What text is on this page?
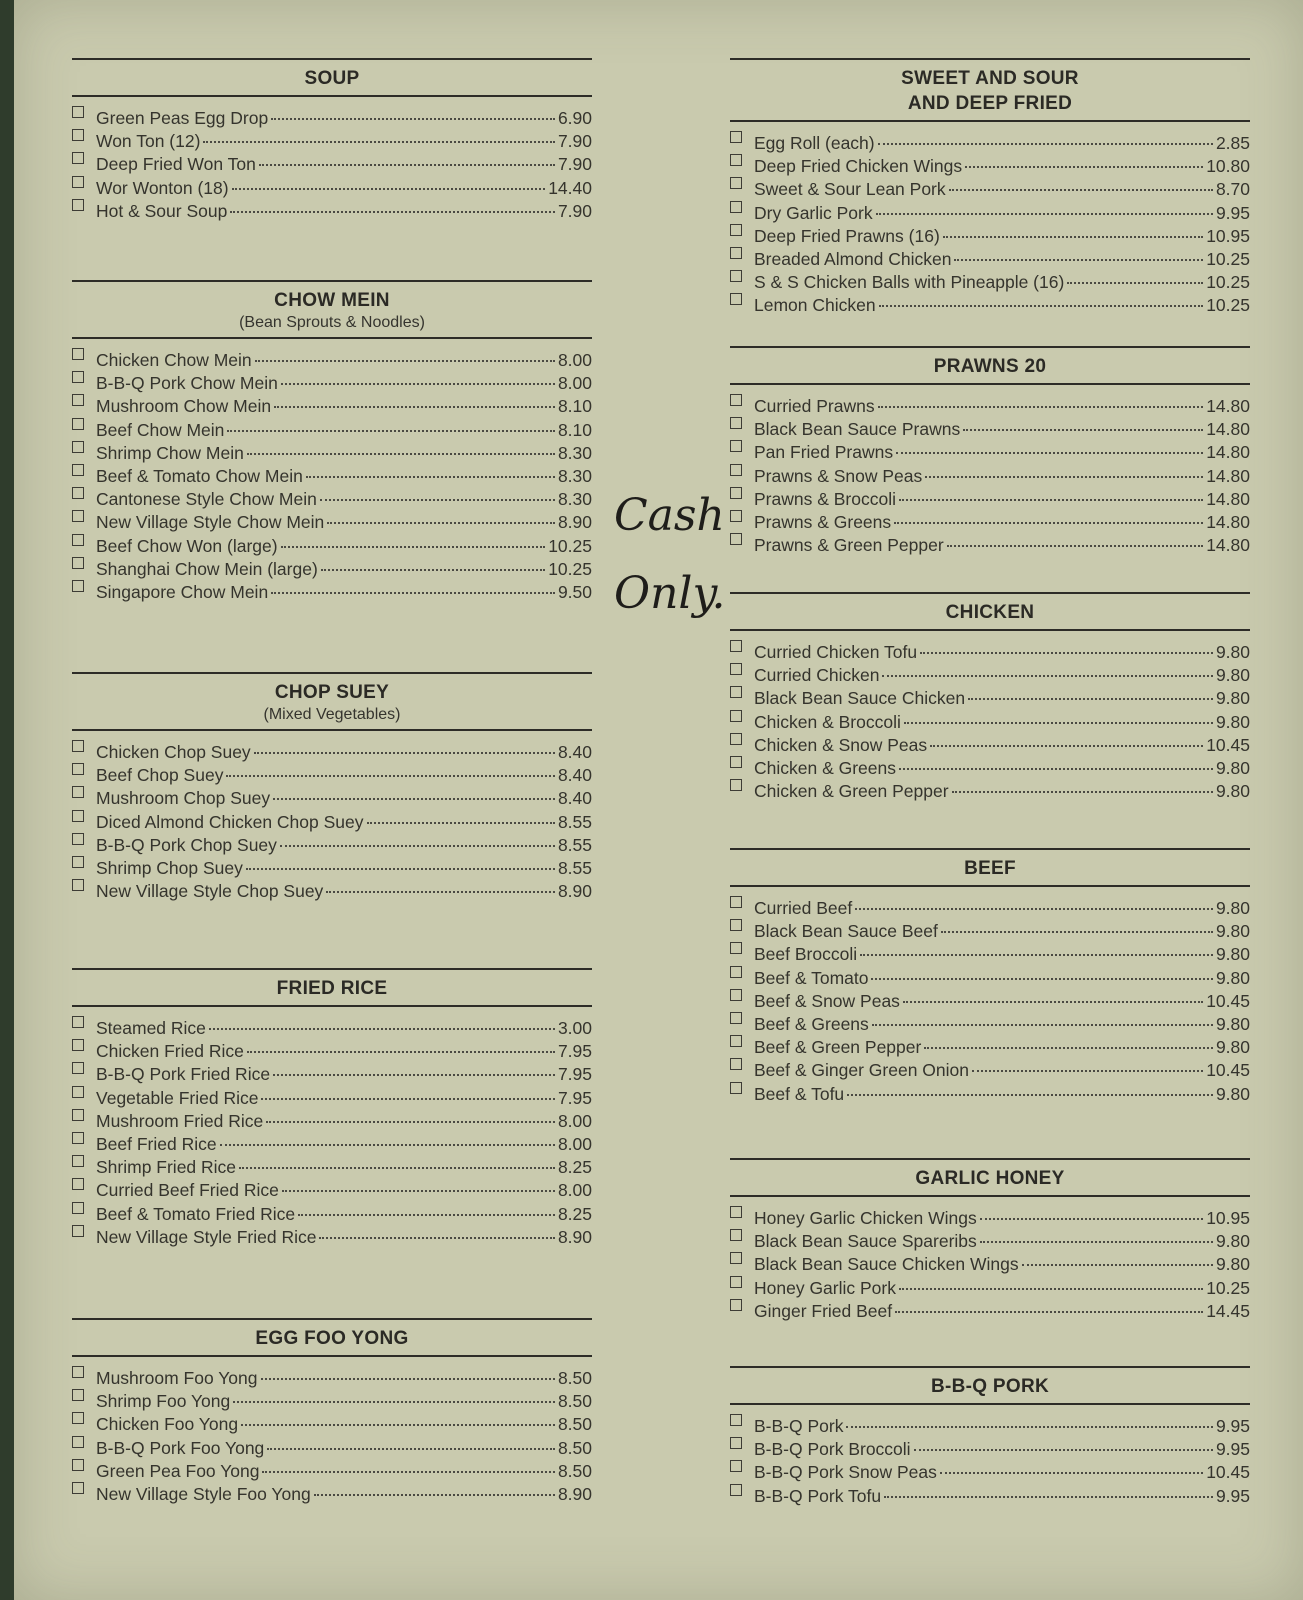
SOUP
Green Peas Egg Drop	6.90
Won Ton (12)	7.90
Deep Fried Won Ton	7.90
Wor Wonton (18)	14.40
Hot & Sour Soup	7.90
CHOW MEIN
(Bean Sprouts & Noodles)
Chicken Chow Mein	8.00
B-B-Q Pork Chow Mein	8.00
Mushroom Chow Mein	8.10
Beef Chow Mein	8.10
Shrimp Chow Mein	8.30
Beef & Tomato Chow Mein	8.30
Cantonese Style Chow Mein	8.30
New Village Style Chow Mein	8.90
Beef Chow Won (large)	10.25
Shanghai Chow Mein (large)	10.25
Singapore Chow Mein	9.50
CHOP SUEY
(Mixed Vegetables)
Chicken Chop Suey	8.40
Beef Chop Suey	8.40
Mushroom Chop Suey	8.40
Diced Almond Chicken Chop Suey	8.55
B-B-Q Pork Chop Suey	8.55
Shrimp Chop Suey	8.55
New Village Style Chop Suey	8.90
FRIED RICE
Steamed Rice	3.00
Chicken Fried Rice	7.95
B-B-Q Pork Fried Rice	7.95
Vegetable Fried Rice	7.95
Mushroom Fried Rice	8.00
Beef Fried Rice	8.00
Shrimp Fried Rice	8.25
Curried Beef Fried Rice	8.00
Beef & Tomato Fried Rice	8.25
New Village Style Fried Rice	8.90
EGG FOO YONG
Mushroom Foo Yong	8.50
Shrimp Foo Yong	8.50
Chicken Foo Yong	8.50
B-B-Q Pork Foo Yong	8.50
Green Pea Foo Yong	8.50
New Village Style Foo Yong	8.90
SWEET AND SOUR
AND DEEP FRIED
Egg Roll (each)	2.85
Deep Fried Chicken Wings	10.80
Sweet & Sour Lean Pork	8.70
Dry Garlic Pork	9.95
Deep Fried Prawns (16)	10.95
Breaded Almond Chicken	10.25
S & S Chicken Balls with Pineapple (16)	10.25
Lemon Chicken	10.25
PRAWNS 20
Curried Prawns	14.80
Black Bean Sauce Prawns	14.80
Pan Fried Prawns	14.80
Prawns & Snow Peas	14.80
Prawns & Broccoli	14.80
Prawns & Greens	14.80
Prawns & Green Pepper	14.80
CHICKEN
Curried Chicken Tofu	9.80
Curried Chicken	9.80
Black Bean Sauce Chicken	9.80
Chicken & Broccoli	9.80
Chicken & Snow Peas	10.45
Chicken & Greens	9.80
Chicken & Green Pepper	9.80
BEEF
Curried Beef	9.80
Black Bean Sauce Beef	9.80
Beef Broccoli	9.80
Beef & Tomato	9.80
Beef & Snow Peas	10.45
Beef & Greens	9.80
Beef & Green Pepper	9.80
Beef & Ginger Green Onion	10.45
Beef & Tofu	9.80
GARLIC HONEY
Honey Garlic Chicken Wings	10.95
Black Bean Sauce Spareribs	9.80
Black Bean Sauce Chicken Wings	9.80
Honey Garlic Pork	10.25
Ginger Fried Beef	14.45
B-B-Q PORK
B-B-Q Pork	9.95
B-B-Q Pork Broccoli	9.95
B-B-Q Pork Snow Peas	10.45
B-B-Q Pork Tofu	9.95
Cash
Only.
